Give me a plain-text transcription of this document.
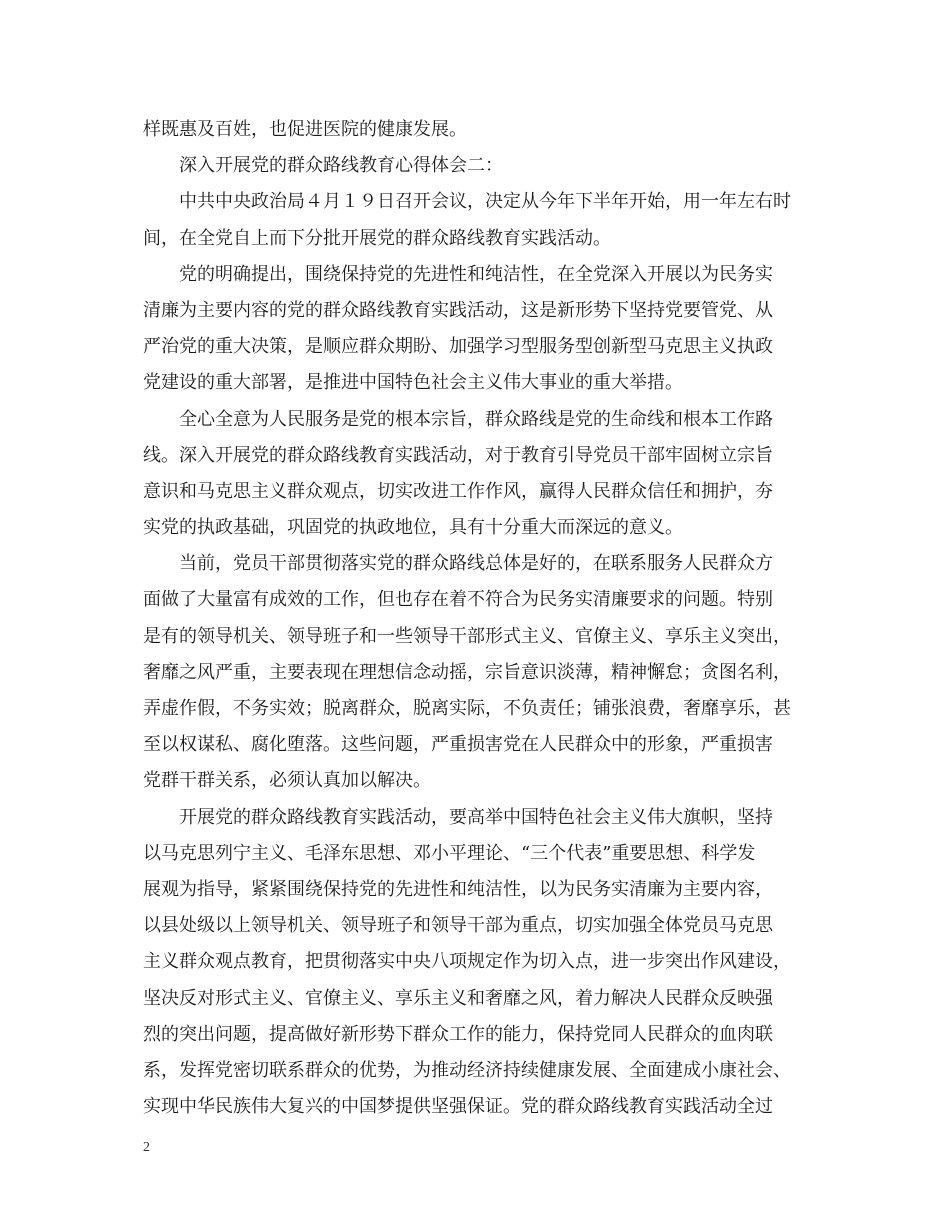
样既惠及百姓，也促进医院的健康发展。
深入开展党的群众路线教育心得体会二：
中共中央政治局４月１９日召开会议，决定从今年下半年开始，用一年左右时
间，在全党自上而下分批开展党的群众路线教育实践活动。
党的明确提出，围绕保持党的先进性和纯洁性，在全党深入开展以为民务实
清廉为主要内容的党的群众路线教育实践活动，这是新形势下坚持党要管党、从
严治党的重大决策，是顺应群众期盼、加强学习型服务型创新型马克思主义执政
党建设的重大部署，是推进中国特色社会主义伟大事业的重大举措。
全心全意为人民服务是党的根本宗旨，群众路线是党的生命线和根本工作路
线。深入开展党的群众路线教育实践活动，对于教育引导党员干部牢固树立宗旨
意识和马克思主义群众观点，切实改进工作作风，赢得人民群众信任和拥护，夯
实党的执政基础，巩固党的执政地位，具有十分重大而深远的意义。
当前，党员干部贯彻落实党的群众路线总体是好的，在联系服务人民群众方
面做了大量富有成效的工作，但也存在着不符合为民务实清廉要求的问题。特别
是有的领导机关、领导班子和一些领导干部形式主义、官僚主义、享乐主义突出，
奢靡之风严重，主要表现在理想信念动摇，宗旨意识淡薄，精神懈怠；贪图名利，
弄虚作假，不务实效；脱离群众，脱离实际，不负责任；铺张浪费，奢靡享乐，甚
至以权谋私、腐化堕落。这些问题，严重损害党在人民群众中的形象，严重损害
党群干群关系，必须认真加以解决。
开展党的群众路线教育实践活动，要高举中国特色社会主义伟大旗帜，坚持
以马克思列宁主义、毛泽东思想、邓小平理论、“三个代表”重要思想、科学发
展观为指导，紧紧围绕保持党的先进性和纯洁性，以为民务实清廉为主要内容，
以县处级以上领导机关、领导班子和领导干部为重点，切实加强全体党员马克思
主义群众观点教育，把贯彻落实中央八项规定作为切入点，进一步突出作风建设，
坚决反对形式主义、官僚主义、享乐主义和奢靡之风，着力解决人民群众反映强
烈的突出问题，提高做好新形势下群众工作的能力，保持党同人民群众的血肉联
系，发挥党密切联系群众的优势，为推动经济持续健康发展、全面建成小康社会、
实现中华民族伟大复兴的中国梦提供坚强保证。党的群众路线教育实践活动全过
2
